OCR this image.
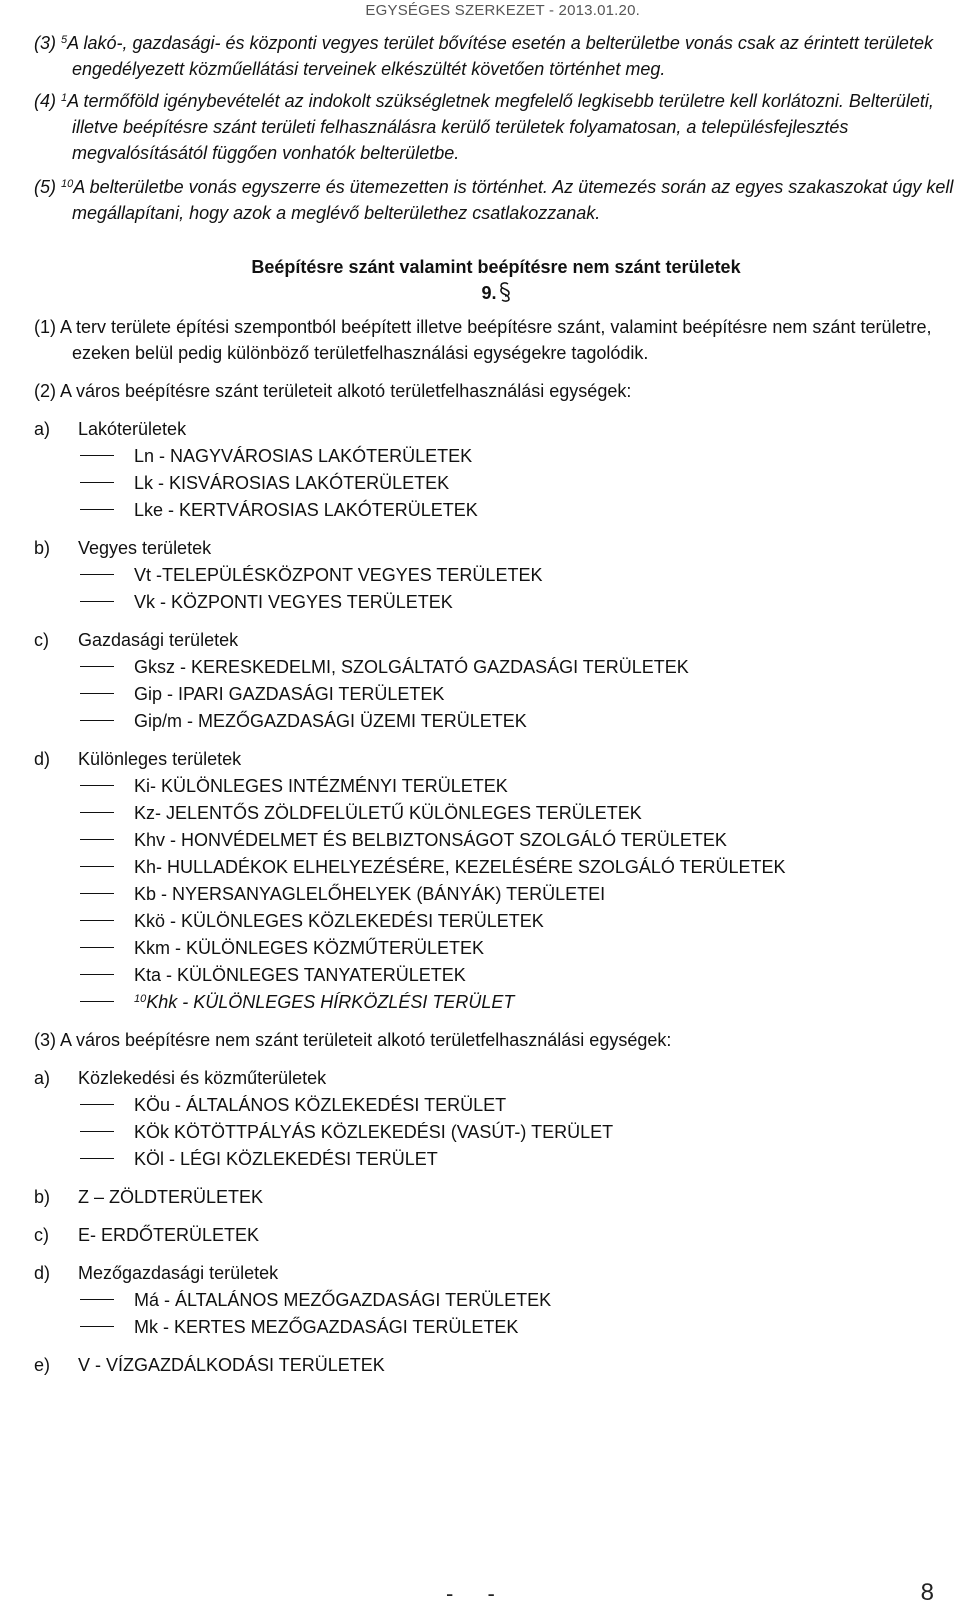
EGYSÉGES SZERKEZET - 2013.01.20.

(3) $^5$A lakó-, gazdasági- és központi vegyes terület bővítése esetén a belterületbe vonás csak az érintett területek engedélyezett közműellátási terveinek elkészültét követően történhet meg.

(4) $^1$A termőföld igénybevételét az indokolt szükségletnek megfelelő legkisebb területre kell korlátozni. Belterületi, illetve beépítésre szánt területi felhasználásra kerülő területek folyamatosan, a településfejlesztés megvalósításától függően vonhatók belterületbe.

(5) $^{10}$A belterületbe vonás egyszerre és ütemezetten is történhet. Az ütemezés során az egyes szakaszokat úgy kell megállapítani, hogy azok a meglévő belterülethez csatlakozzanak.

Beépítésre szánt valamint beépítésre nem szánt területek

9.

(1) A terv területe építési szempontból beépített illetve beépítésre szánt, valamint beépítésre nem szánt területre, ezeken belül pedig különböző területfelhasználási egységekre tagolódik.

(2) A város beépítésre szánt területeit alkotó területfelhasználási egységek:

a)	Lakóterületek
Ln - NAGYVÁROSIAS LAKÓTERÜLETEK
Lk - KISVÁROSIAS LAKÓTERÜLETEK
Lke - KERTVÁROSIAS LAKÓTERÜLETEK
b)	Vegyes területek
Vt -TELEPÜLÉSKÖZPONT VEGYES TERÜLETEK
Vk - KÖZPONTI VEGYES TERÜLETEK
c)	Gazdasági területek
Gksz - KERESKEDELMI, SZOLGÁLTATÓ GAZDASÁGI TERÜLETEK
Gip - IPARI GAZDASÁGI TERÜLETEK
Gip/m - MEZŐGAZDASÁGI ÜZEMI TERÜLETEK
d)	Különleges területek
Ki- KÜLÖNLEGES INTÉZMÉNYI TERÜLETEK
Kz- JELENTŐS ZÖLDFELÜLETŰ KÜLÖNLEGES TERÜLETEK
Khv - HONVÉDELMET ÉS BELBIZTONSÁGOT SZOLGÁLÓ TERÜLETEK
Kh- HULLADÉKOK ELHELYEZÉSÉRE, KEZELÉSÉRE SZOLGÁLÓ TERÜLETEK
Kb - NYERSANYAGLELŐHELYEK (BÁNYÁK) TERÜLETEI
Kkö - KÜLÖNLEGES KÖZLEKEDÉSI TERÜLETEK
Kkm - KÜLÖNLEGES KÖZMŰTERÜLETEK
Kta - KÜLÖNLEGES TANYATERÜLETEK
$^{10}$Khk - KÜLÖNLEGES HÍRKÖZLÉSI TERÜLET

(3) A város beépítésre nem szánt területeit alkotó területfelhasználási egységek:

a)	Közlekedési és közműterületek
KÖu - ÁLTALÁNOS KÖZLEKEDÉSI TERÜLET
KÖk KÖTÖTTPÁLYÁS KÖZLEKEDÉSI (VASÚT-) TERÜLET
KÖl - LÉGI KÖZLEKEDÉSI TERÜLET
b)	Z – ZÖLDTERÜLETEK
c)	E- ERDŐTERÜLETEK
d)	Mezőgazdasági területek
Má - ÁLTALÁNOS MEZŐGAZDASÁGI TERÜLETEK
Mk - KERTES MEZŐGAZDASÁGI TERÜLETEK
e)	V - VÍZGAZDÁLKODÁSI TERÜLETEK
- -	8
